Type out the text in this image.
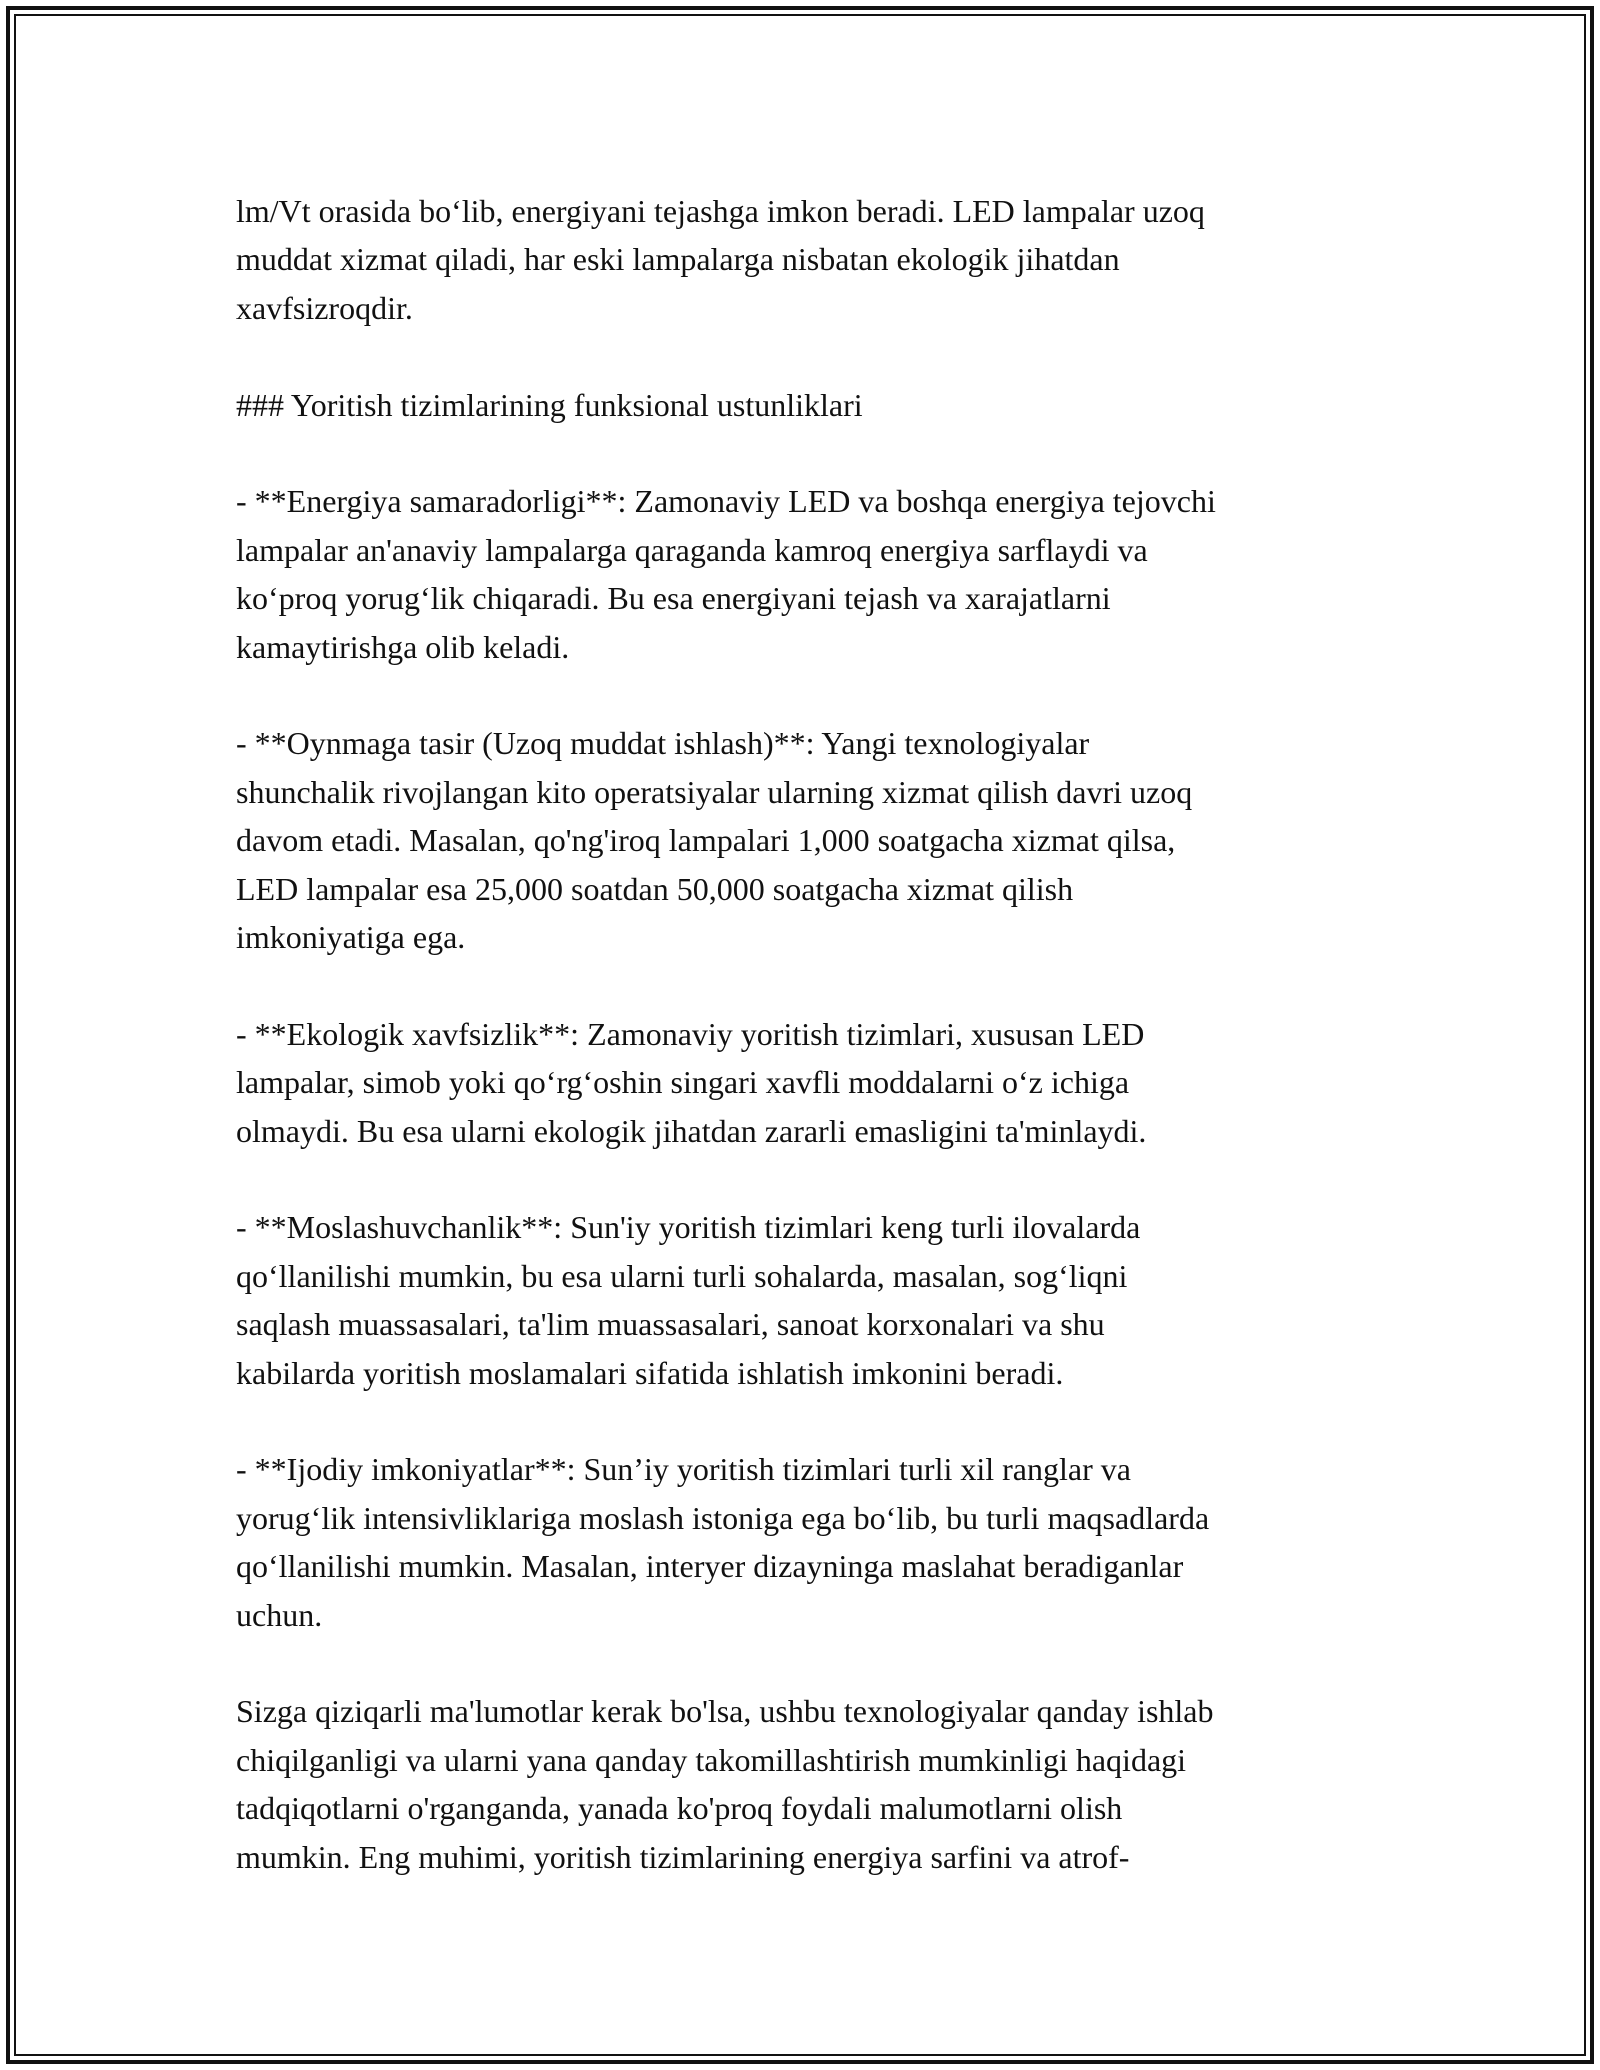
lm/Vt orasida bo‘lib, energiyani tejashga imkon beradi. LED lampalar uzoq
muddat xizmat qiladi, har eski lampalarga nisbatan ekologik jihatdan
xavfsizroqdir.

### Yoritish tizimlarining funksional ustunliklari

- **Energiya samaradorligi**: Zamonaviy LED va boshqa energiya tejovchi
lampalar an'anaviy lampalarga qaraganda kamroq energiya sarflaydi va
ko‘proq yorug‘lik chiqaradi. Bu esa energiyani tejash va xarajatlarni
kamaytirishga olib keladi.

- **Oynmaga tasir (Uzoq muddat ishlash)**: Yangi texnologiyalar
shunchalik rivojlangan kito operatsiyalar ularning xizmat qilish davri uzoq
davom etadi. Masalan, qo'ng'iroq lampalari 1,000 soatgacha xizmat qilsa,
LED lampalar esa 25,000 soatdan 50,000 soatgacha xizmat qilish
imkoniyatiga ega.

- **Ekologik xavfsizlik**: Zamonaviy yoritish tizimlari, xususan LED
lampalar, simob yoki qo‘rg‘oshin singari xavfli moddalarni o‘z ichiga
olmaydi. Bu esa ularni ekologik jihatdan zararli emasligini ta'minlaydi.

- **Moslashuvchanlik**: Sun'iy yoritish tizimlari keng turli ilovalarda
qo‘llanilishi mumkin, bu esa ularni turli sohalarda, masalan, sog‘liqni
saqlash muassasalari, ta'lim muassasalari, sanoat korxonalari va shu
kabilarda yoritish moslamalari sifatida ishlatish imkonini beradi.

- **Ijodiy imkoniyatlar**: Sun’iy yoritish tizimlari turli xil ranglar va
yorug‘lik intensivliklariga moslash istoniga ega bo‘lib, bu turli maqsadlarda
qo‘llanilishi mumkin. Masalan, interyer dizayninga maslahat beradiganlar
uchun.

Sizga qiziqarli ma'lumotlar kerak bo'lsa, ushbu texnologiyalar qanday ishlab
chiqilganligi va ularni yana qanday takomillashtirish mumkinligi haqidagi
tadqiqotlarni o'rganganda, yanada ko'proq foydali malumotlarni olish
mumkin. Eng muhimi, yoritish tizimlarining energiya sarfini va atrof-
